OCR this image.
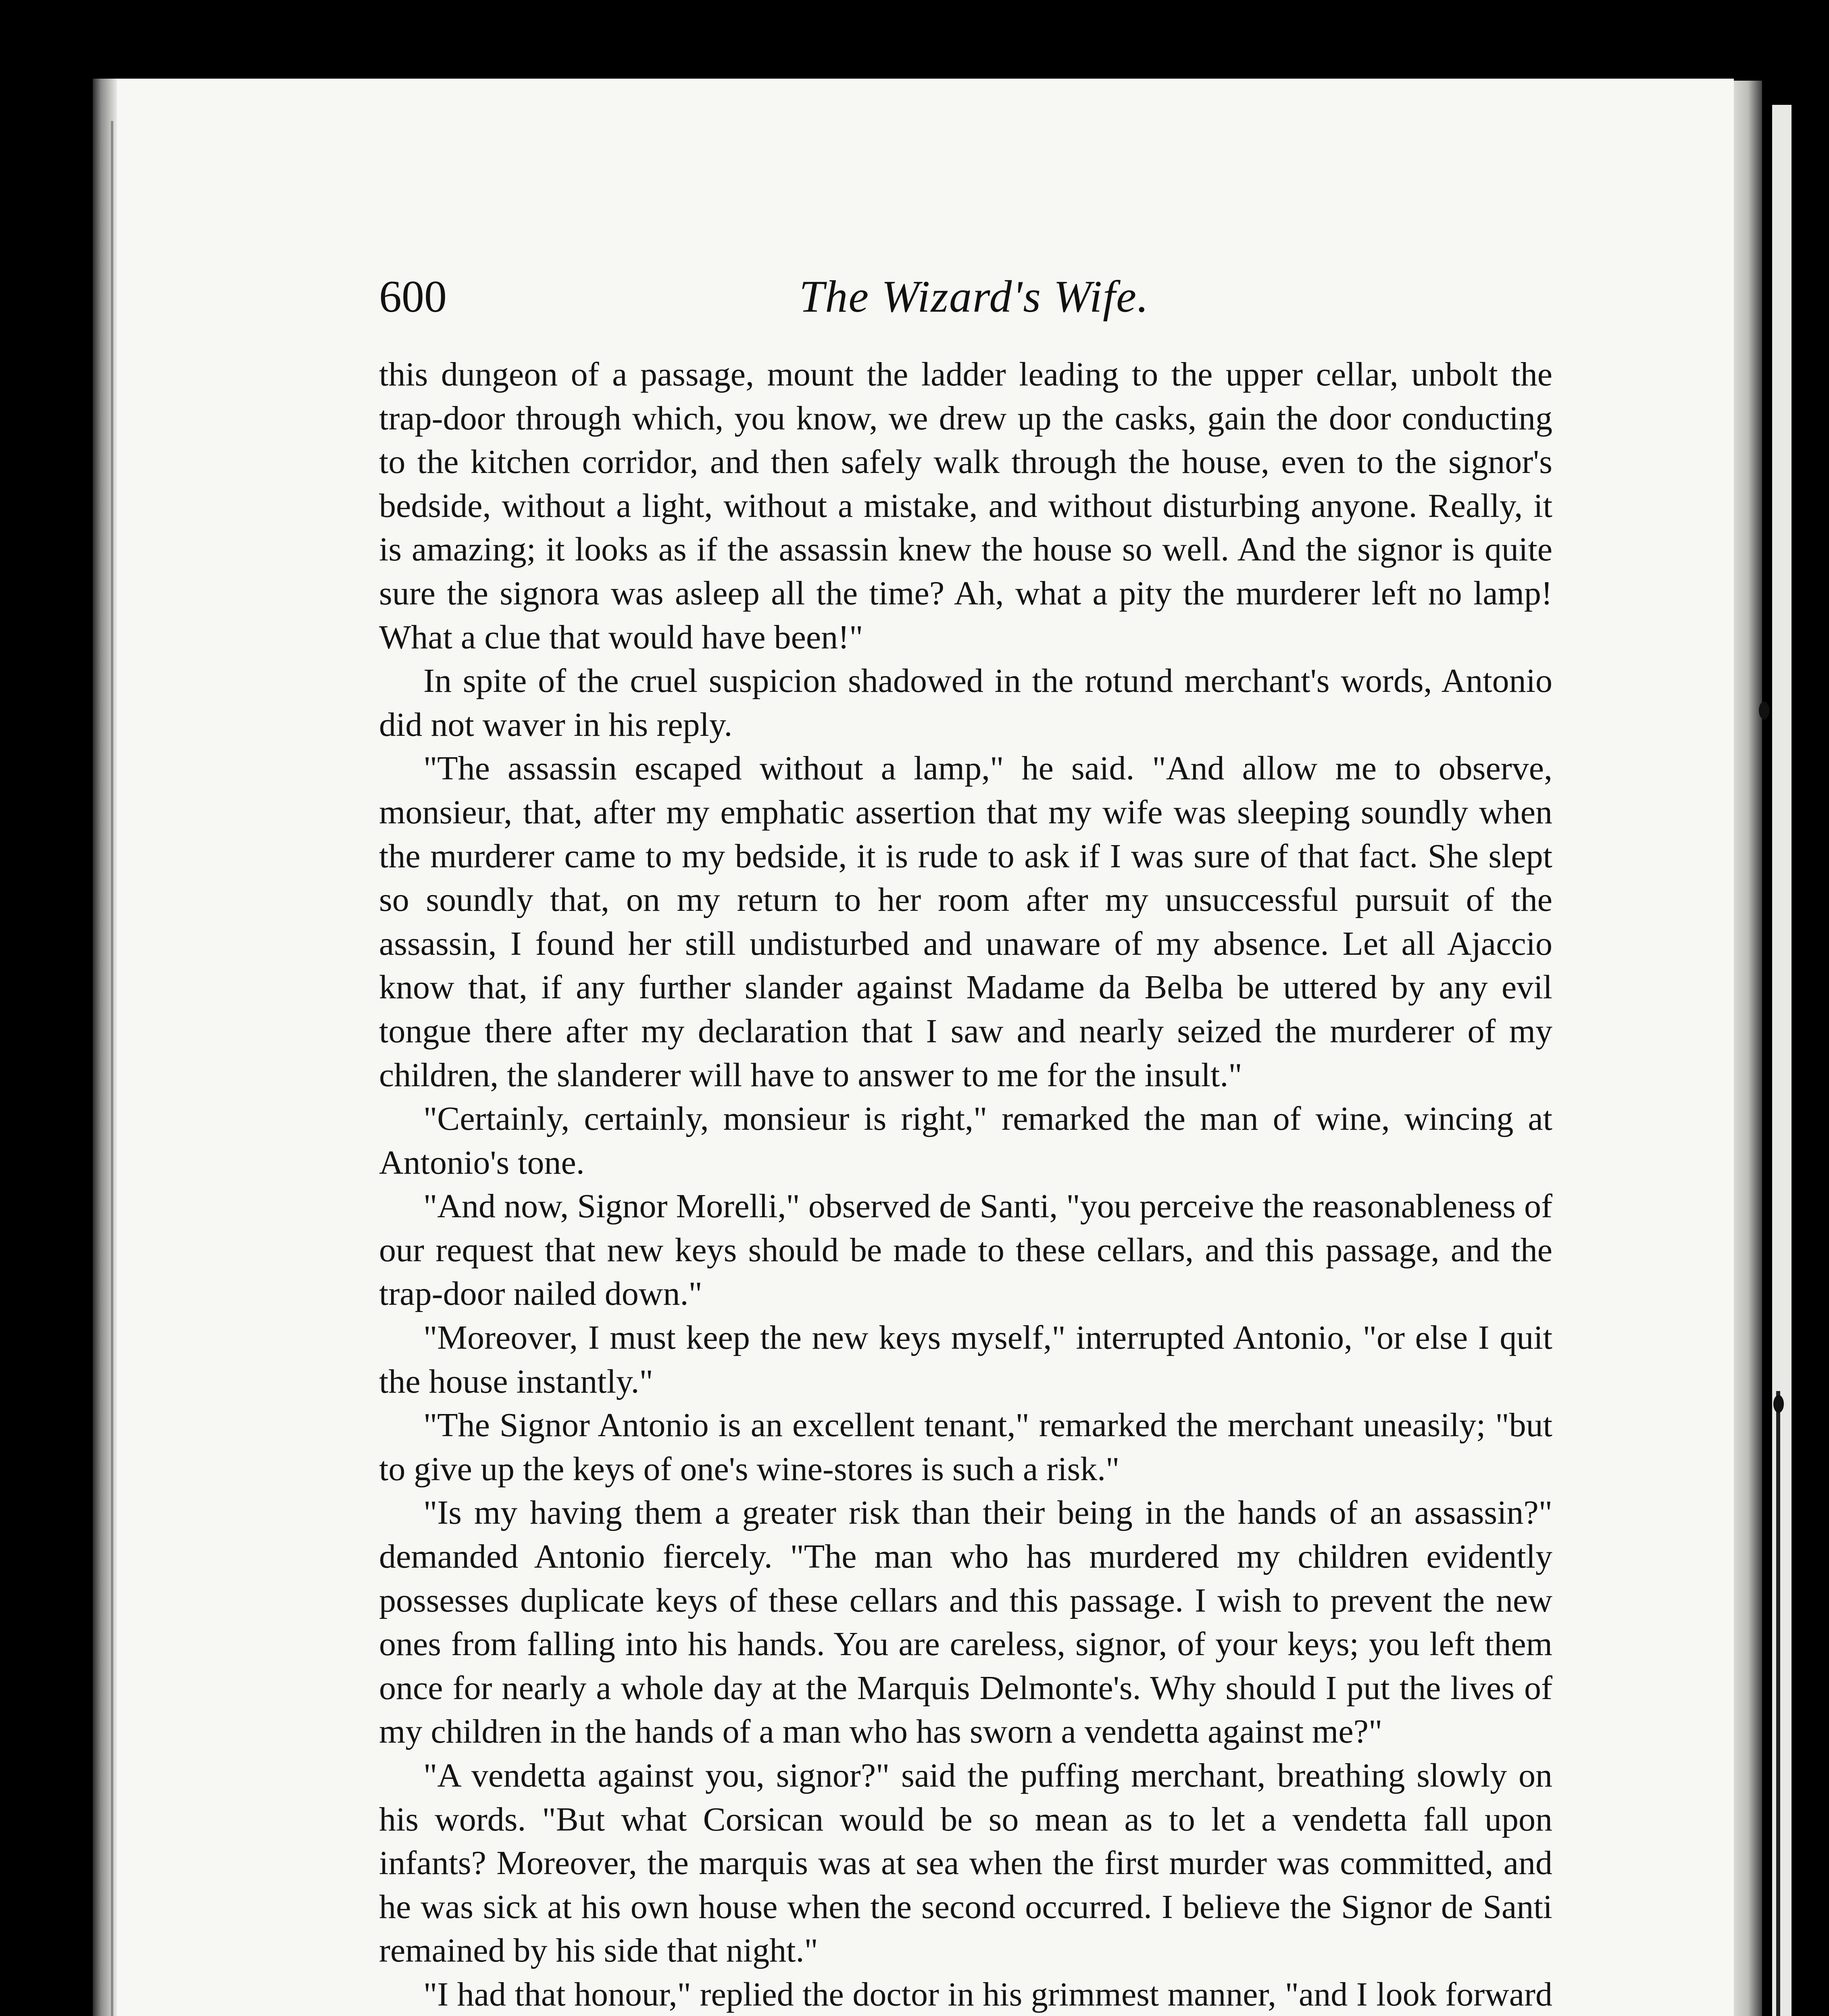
600	The Wizard's Wife.

this dungeon of a passage, mount the ladder leading to the upper cellar, unbolt the trap-door through which, you know, we drew up the casks, gain the door conducting to the kitchen corridor, and then safely walk through the house, even to the signor's bedside, without a light, without a mistake, and without disturbing anyone. Really, it is amazing; it looks as if the assassin knew the house so well. And the signor is quite sure the signora was asleep all the time? Ah, what a pity the murderer left no lamp! What a clue that would have been!"

In spite of the cruel suspicion shadowed in the rotund merchant's words, Antonio did not waver in his reply.

"The assassin escaped without a lamp," he said. "And allow me to observe, monsieur, that, after my emphatic assertion that my wife was sleeping soundly when the murderer came to my bedside, it is rude to ask if I was sure of that fact. She slept so soundly that, on my return to her room after my unsuccessful pursuit of the assassin, I found her still undisturbed and unaware of my absence. Let all Ajaccio know that, if any further slander against Madame da Belba be uttered by any evil tongue there after my declaration that I saw and nearly seized the murderer of my children, the slanderer will have to answer to me for the insult."

"Certainly, certainly, monsieur is right," remarked the man of wine, wincing at Antonio's tone.

"And now, Signor Morelli," observed de Santi, "you perceive the reasonableness of our request that new keys should be made to these cellars, and this passage, and the trap-door nailed down."

"Moreover, I must keep the new keys myself," interrupted Antonio, "or else I quit the house instantly."

"The Signor Antonio is an excellent tenant," remarked the merchant uneasily; "but to give up the keys of one's wine-stores is such a risk."

"Is my having them a greater risk than their being in the hands of an assassin?" demanded Antonio fiercely. "The man who has murdered my children evidently possesses duplicate keys of these cellars and this passage. I wish to prevent the new ones from falling into his hands. You are careless, signor, of your keys; you left them once for nearly a whole day at the Marquis Delmonte's. Why should I put the lives of my children in the hands of a man who has sworn a vendetta against me?"

"A vendetta against you, signor?" said the puffing merchant, breathing slowly on his words. "But what Corsican would be so mean as to let a vendetta fall upon infants? Moreover, the marquis was at sea when the first murder was committed, and he was sick at his own house when the second occurred. I believe the Signor de Santi remained by his side that night."

"I had that honour," replied the doctor in his grimmest manner, "and I look forward
